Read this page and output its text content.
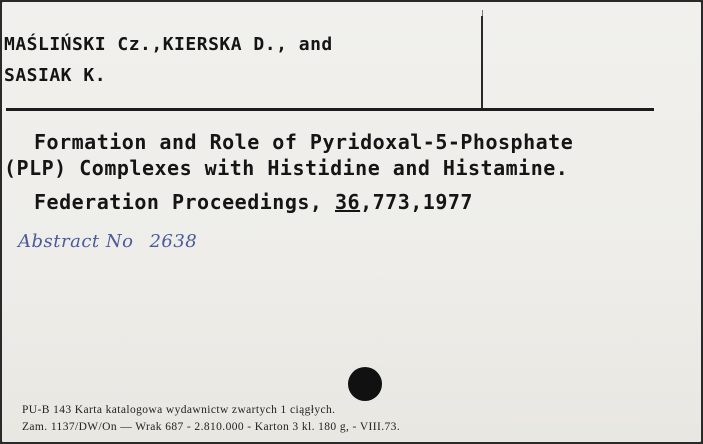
MAŚLIŃSKI Cz.,KIERSKA D., and
SASIAK K.
Formation and Role of Pyridoxal-5-Phosphate
(PLP) Complexes with Histidine and Histamine.
Federation Proceedings, 36,773,1977
Abstract No 2638
PU-B 143 Karta katalogowa wydawnictw zwartych 1 ciągłych.
Zam. 1137/DW/On — Wrak 687 - 2.810.000 - Karton 3 kl. 180 g, - VIII.73.
